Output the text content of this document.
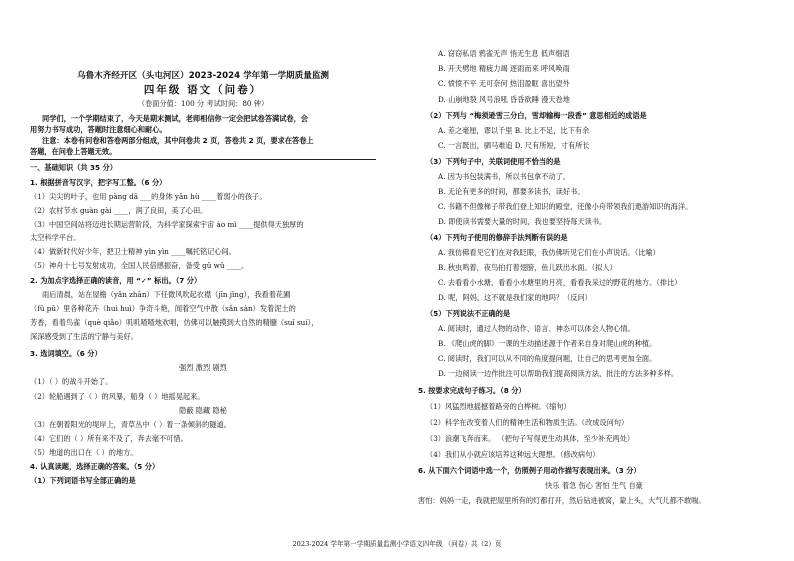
乌鲁木齐经开区（头屯河区）2023-2024 学年第一学期质量监测
四年级 语文（问卷）
（卷面分值：100 分 考试时间：80 钟）
同学们，一个学期结束了，今天是期末测试，老师相信你一定会把试卷答满试卷，会
用努力书写成功，答题时注意细心和耐心。
注意：本卷有问卷和答卷两部分组成，其中问卷共 2 页，答卷共 2 页，要求在答卷上
答题，在问卷上答题无效。
一、基础知识（共 35 分）
1. 根据拼音写汉字，把字写工整。（6 分）
（1）尖尖的叶子，也用 pàng dā ___的身体 yǎn hù ____着弱小的孩子。
（2）农村节水 guàn gài ____，润了良田，美了心田。
（3）中国空间站将迈进长期运营阶段，为科学家探索宇宙 ào mì ____提供得天独厚的
太空科学平台。
（4）做新时代好少年，把卫士精神 yìn yìn ____嘱托铭记心间。
（5）神舟十七号发射成功，全国人民倍感振奋，备受 gǔ wǔ ____。
2. 为加点字选择正确的读音，用 “✓” 标出。（7 分）
雨后清晨，站在屋檐（yǎn zhān）下任微风吹起衣襟（jīn jǐng），我看着花圃
（fǔ pǔ）里各种花卉（huì huì）争奇斗艳，闻着空气中散（sǎn sàn）发着泥土的
芳香，看着鸟雀（què qiǎo）叽叽喳喳地欢唱，仿佛可以触摸到大自然的精髓（suǐ suí），
深深感受到了生活的宁静与美好。
3. 选词填空。（6 分）
强烈 激烈 剧烈
（1）（ ）的战斗开始了。
（2）轮船遇到了（ ）的风暴，船身（ ）地摇晃起来。
隐蔽 隐藏 隐秘
（3）在朝着阳光的堤岸上，青草丛中（ ）着一条倾斜的隧道。
（4）它们的（ ）所有来不及了，奔去毫不可惜。
（5）地道的出口在（ ）的地方。
4. 认真读题，选择正确的答案。（5 分）
（1）下列词语书写全部正确的是
A. 窃窃私语 鸦雀无声 悄无生息 低声细语
B. 开天劈地 精疲力竭 逐雨而来 呼风唤雨
C. 愤愤不平 无可奈何 热泪盈眶 喜出望外
D. 山崩地裂 风号浪吼 昏昏欲睡 漫天卷地
（2）下列与 “梅须逊雪三分白，雪却输梅一段香” 意思相近的成语是
A. 差之毫厘，谬以千里 B. 比上不足，比下有余
C. 一言既出，驷马难追 D. 尺有所短，寸有所长
（3）下列句子中，关联词使用不恰当的是
A. 因为书包装满书，所以书包拿不动了。
B. 无论有更多的时间，都要多读书，读好书。
C. 书籍不但像梯子带我们登上知识的殿堂，还像小舟带领我们遨游知识的海洋。
D. 即使读书需要大量的时间，我也要坚持每天读书。
（4）下列句子使用的修辞手法判断有误的是
A. 我仿佛看见它们在对我眨眼，我仿佛听见它们在小声说话。（比喻）
B. 秋虫鸣着，夜鸟拍打着翅膀，鱼儿跃出水面。（拟人）
C. 去看看小水塘，看看小水塘里的月亮，看看我采过的野花的地方。（排比）
D. 呢，阿妈，这不就是我们家的地吗？（反问）
（5）下列说法不正确的是
A. 阅读时，通过人物的动作、语言、神态可以体会人物心情。
B. 《爬山虎的脚》一课的生动描述源于作者来自身对爬山虎的种植。
C. 阅读时，我们可以从不同的角度提问题，让自己的思考更加全面。
D. 一边阅读一边作批注可以帮助我们提高阅读方法，批注的方法多种多样。
5. 按要求完成句子练习。（8 分）
（1）风猛烈地摇撼着路旁的白桦树。（缩句）
（2）科学在改变着人们的精神生活和物质生活。（改成设问句）
（3）浪潮飞奔而来。 （把句子写得更生动具体，至少补充两处）
（4）我们从小就应该培养这种远大理想。（修改病句）
6. 从下面六个词语中选一个，仿照例子用动作描写表现出来。（3 分）
快乐 着急 伤心 害怕 生气 自豪
害怕：妈妈一走，我就把屋里所有的灯都打开，然后钻进被窝，蒙上头，大气儿都不敢喘。
2023-2024 学年第一学期质量监测小学语文四年级 （问卷）共（2）页
